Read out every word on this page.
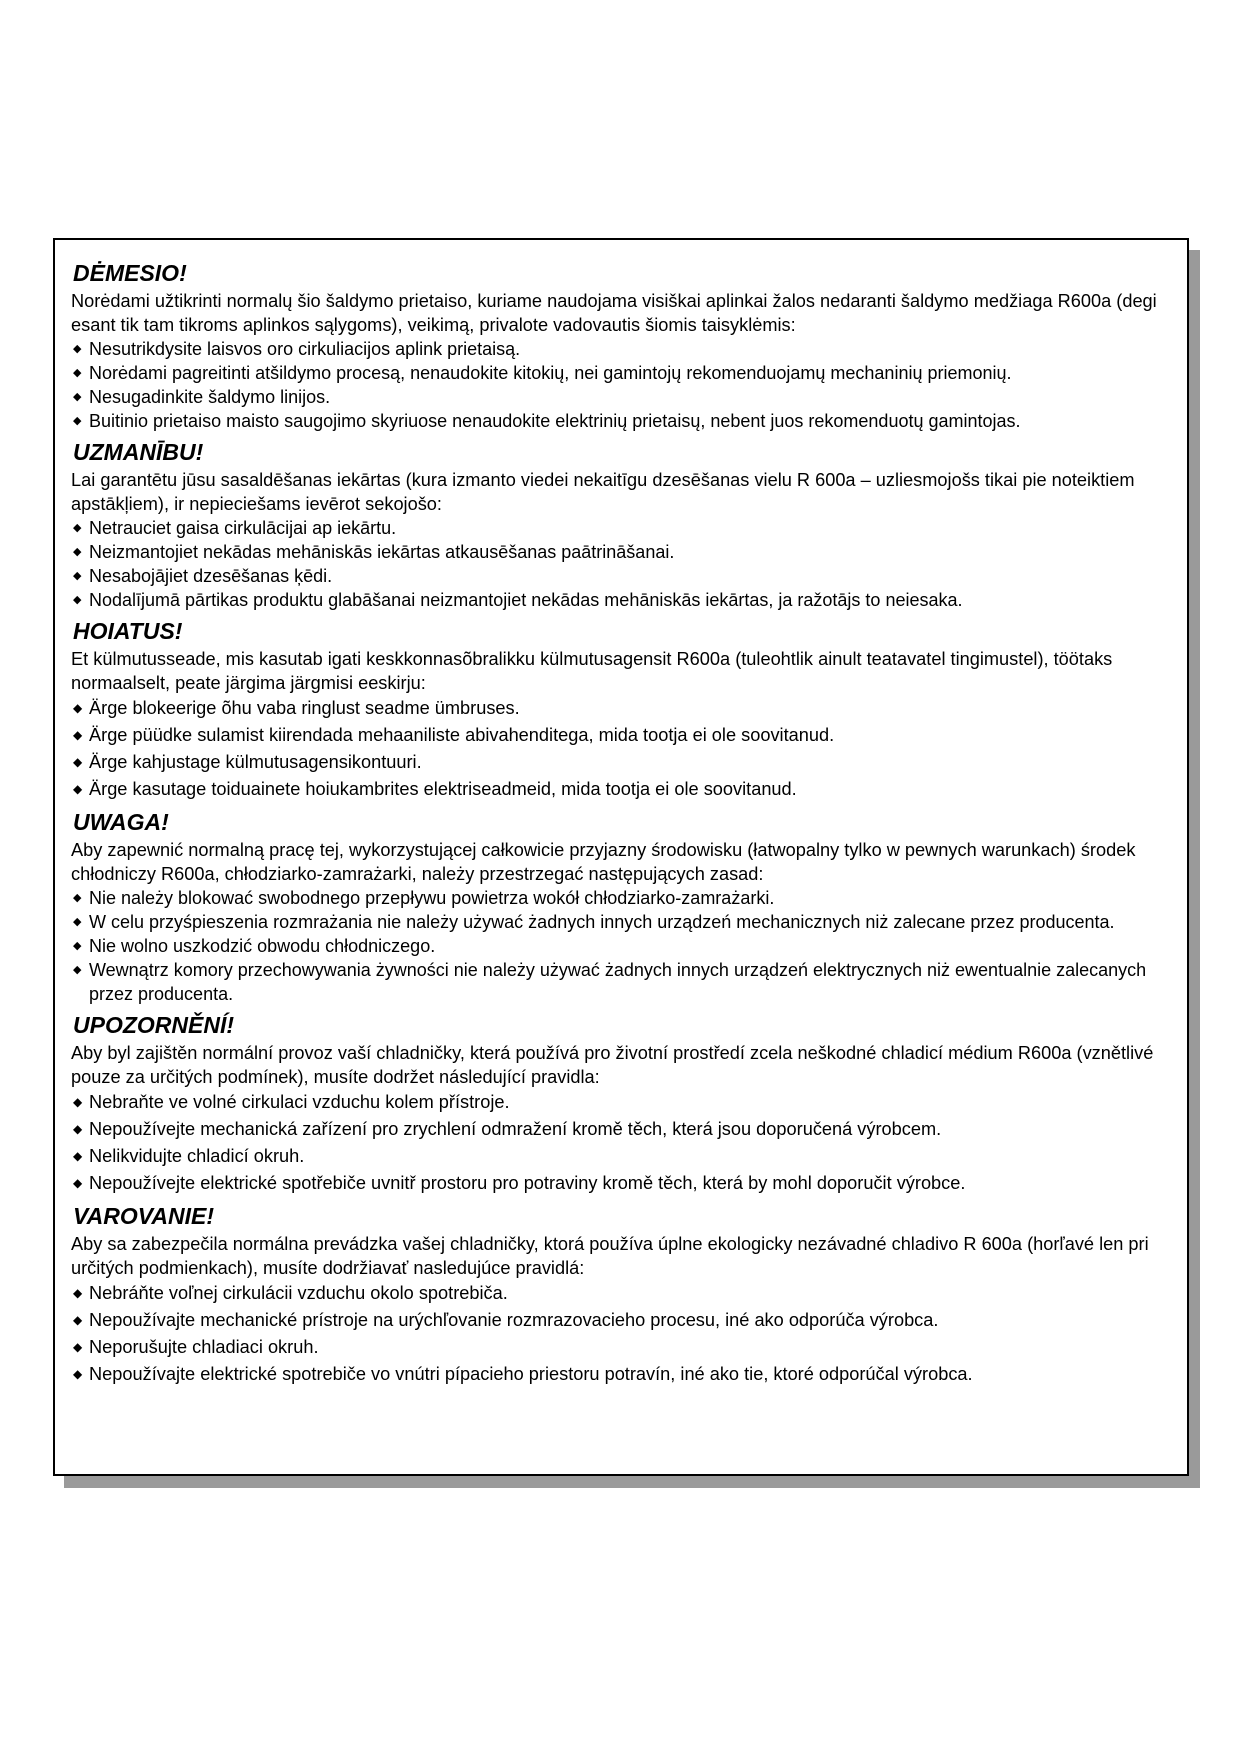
DĖMESIO!

Norėdami užtikrinti normalų šio šaldymo prietaiso, kuriame naudojama visiškai aplinkai žalos nedaranti šaldymo medžiaga R600a (degi esant tik tam tikroms aplinkos sąlygoms), veikimą, privalote vadovautis šiomis taisyklėmis:

◆ Nesutrikdysite laisvos oro cirkuliacijos aplink prietaisą.
◆ Norėdami pagreitinti atšildymo procesą, nenaudokite kitokių, nei gamintojų rekomenduojamų mechaninių priemonių.
◆ Nesugadinkite šaldymo linijos.
◆ Buitinio prietaiso maisto saugojimo skyriuose nenaudokite elektrinių prietaisų, nebent juos rekomenduotų gamintojas.
UZMANĪBU!

Lai garantētu jūsu sasaldēšanas iekārtas (kura izmanto viedei nekaitīgu dzesēšanas vielu R 600a – uzliesmojošs tikai pie noteiktiem apstākļiem), ir nepieciešams ievērot sekojošo:

◆ Netrauciet gaisa cirkulācijai ap iekārtu.
◆ Neizmantojiet nekādas mehāniskās iekārtas atkausēšanas paātrināšanai.
◆ Nesabojājiet dzesēšanas ķēdi.
◆ Nodalījumā pārtikas produktu glabāšanai neizmantojiet nekādas mehāniskās iekārtas, ja ražotājs to neiesaka.
HOIATUS!

Et külmutusseade, mis kasutab igati keskkonnasõbralikku külmutusagensit R600a (tuleohtlik ainult teatavatel tingimustel), töötaks normaalselt, peate järgima järgmisi eeskirju:

◆ Ärge blokeerige õhu vaba ringlust seadme ümbruses.
◆ Ärge püüdke sulamist kiirendada mehaaniliste abivahenditega, mida tootja ei ole soovitanud.
◆ Ärge kahjustage külmutusagensikontuuri.
◆ Ärge kasutage toiduainete hoiukambrites elektriseadmeid, mida tootja ei ole soovitanud.
UWAGA!

Aby zapewnić normalną pracę tej, wykorzystującej całkowicie przyjazny środowisku (łatwopalny tylko w pewnych warunkach) środek chłodniczy R600a, chłodziarko-zamrażarki, należy przestrzegać następujących zasad:

◆ Nie należy blokować swobodnego przepływu powietrza wokół chłodziarko-zamrażarki.
◆ W celu przyśpieszenia rozmrażania nie należy używać żadnych innych urządzeń mechanicznych niż zalecane przez producenta.
◆ Nie wolno uszkodzić obwodu chłodniczego.
◆ Wewnątrz komory przechowywania żywności nie należy używać żadnych innych urządzeń elektrycznych niż ewentualnie zalecanych przez producenta.
UPOZORNĚNÍ!

Aby byl zajištěn normální provoz vaší chladničky, která používá pro životní prostředí zcela neškodné chladicí médium R600a (vznětlivé pouze za určitých podmínek), musíte dodržet následující pravidla:

◆ Nebraňte ve volné cirkulaci vzduchu kolem přístroje.
◆ Nepoužívejte mechanická zařízení pro zrychlení odmražení kromě těch, která jsou doporučená výrobcem.
◆ Nelikvidujte chladicí okruh.
◆ Nepoužívejte elektrické spotřebiče uvnitř prostoru pro potraviny kromě těch, která by mohl doporučit výrobce.
VAROVANIE!

Aby sa zabezpečila normálna prevádzka vašej chladničky, ktorá používa úplne ekologicky nezávadné chladivo R 600a (horľavé len pri určitých podmienkach), musíte dodržiavať nasledujúce pravidlá:

◆ Nebráňte voľnej cirkulácii vzduchu okolo spotrebiča.
◆ Nepoužívajte mechanické prístroje na urýchľovanie rozmrazovacieho procesu, iné ako odporúča výrobca.
◆ Neporušujte chladiaci okruh.
◆ Nepoužívajte elektrické spotrebiče vo vnútri pípacieho priestoru potravín, iné ako tie, ktoré odporúčal výrobca.
